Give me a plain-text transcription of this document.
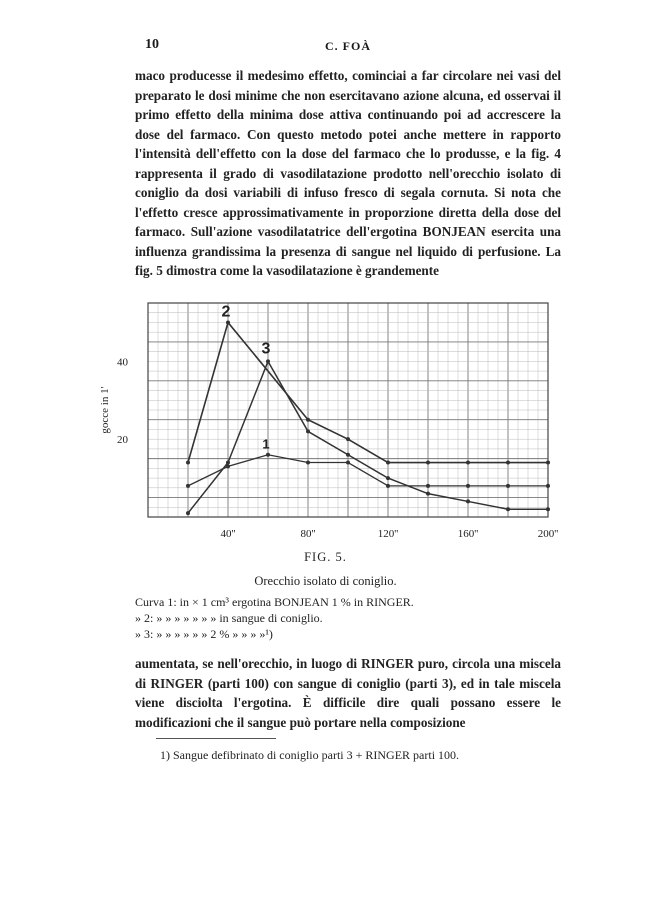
10	C. FOÀ
maco producesse il medesimo effetto, cominciai a far circolare nei vasi del preparato le dosi minime che non esercitavano azione alcuna, ed osservai il primo effetto della minima dose attiva continuando poi ad accrescere la dose del farmaco. Con questo metodo potei anche mettere in rapporto l'intensità dell'effetto con la dose del farmaco che lo produsse, e la fig. 4 rappresenta il grado di vasodilatazione prodotto nell'orecchio isolato di coniglio da dosi variabili di infuso fresco di segala cornuta. Si nota che l'effetto cresce approssimativamente in proporzione diretta della dose del farmaco. Sull'azione vasodilatatrice dell'ergotina BONJEAN esercita una influenza grandissima la presenza di sangue nel liquido di perfusione. La fig. 5 dimostra come la vasodilatazione è grandemente
20
40
40''	80''	120''	160''	200''
gocce in 1'
1
2
3
FIG. 5.
Orecchio isolato di coniglio.
Curva 1: in × 1 cm³ ergotina BONJEAN 1 % in RINGER.
» 2: » » » » » » » in sangue di coniglio.
» 3: » » » » » » 2 % » » » »¹)
aumentata, se nell'orecchio, in luogo di RINGER puro, circola una miscela di RINGER (parti 100) con sangue di coniglio (parti 3), ed in tale miscela viene disciolta l'ergotina. È difficile dire quali possano essere le modificazioni che il sangue può portare nella composizione
1) Sangue defibrinato di coniglio parti 3 + RINGER parti 100.
